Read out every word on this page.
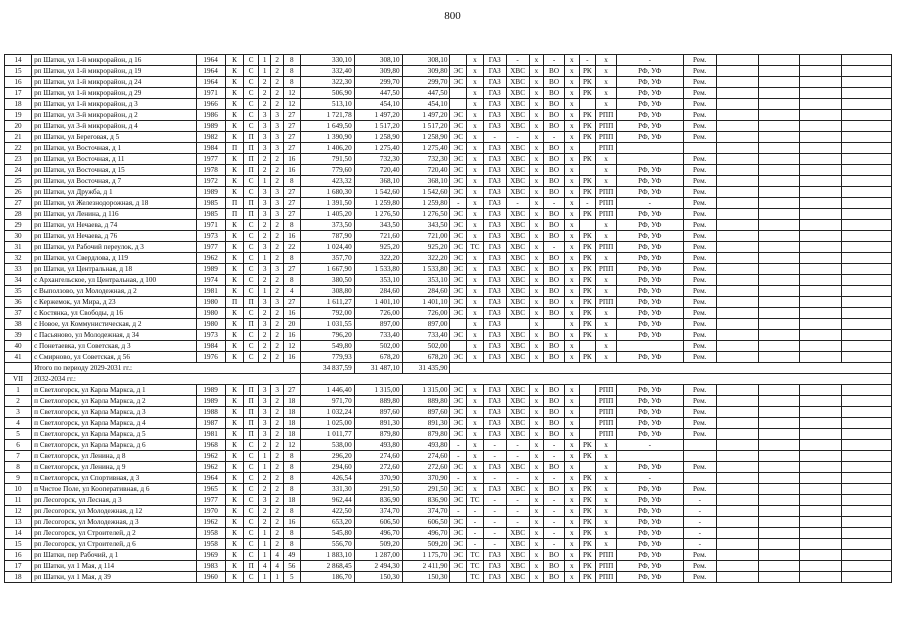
800
14	рп Шатки, ул 1-й микрорайон, д 16	1964	К	С	1	2	8	330,10	308,10	308,10		х	ГАЗ	-	х	-	х	-	х	-	Рем.				
15	рп Шатки, ул 1-й микрорайон, д 19	1964	К	С	1	2	8	332,40	309,80	309,80	ЭС	х	ГАЗ	ХВС	х	ВО	х	РК	х	РФ, УФ	Рем.				
16	рп Шатки, ул 1-й микрорайон, д 24	1964	К	С	2	2	8	322,30	299,70	299,70	ЭС	х	ГАЗ	ХВС	х	ВО	х	РК	х	РФ, УФ	Рем.				
17	рп Шатки, ул 1-й микрорайон, д 29	1971	К	С	2	2	12	506,90	447,50	447,50		х	ГАЗ	ХВС	х	ВО	х	РК	х	РФ, УФ	Рем.				
18	рп Шатки, ул 1-й микрорайон, д 3	1966	К	С	2	2	12	513,10	454,10	454,10		х	ГАЗ	ХВС	х	ВО	х		х	РФ, УФ	Рем.				
19	рп Шатки, ул 3-й микрорайон, д 2	1986	К	С	3	3	27	1 721,78	1 497,20	1 497,20	ЭС	х	ГАЗ	ХВС	х	ВО	х	РК	РПП	РФ, УФ	Рем.				
20	рп Шатки, ул 3-й микрорайон, д 4	1989	К	С	3	3	27	1 649,50	1 517,20	1 517,20	ЭС	х	ГАЗ	ХВС	х	ВО	х	РК	РПП	РФ, УФ	Рем.				
21	рп Шатки, ул Береговая, д 5	1982	К	П	3	3	27	1 390,90	1 258,90	1 258,90	ЭС	х	-	-	х	-	х	РК	РПП	РФ, УФ	Рем.				
22	рп Шатки, ул Восточная, д 1	1984	П	П	3	3	27	1 406,20	1 275,40	1 275,40	ЭС	х	ГАЗ	ХВС	х	ВО	х		РПП						
23	рп Шатки, ул Восточная, д 11	1977	К	П	2	2	16	791,50	732,30	732,30	ЭС	х	ГАЗ	ХВС	х	ВО	х	РК	х		Рем.				
24	рп Шатки, ул Восточная, д 15	1978	К	П	2	2	16	779,60	720,40	720,40	ЭС	х	ГАЗ	ХВС	х	ВО	х		х	РФ, УФ	Рем.				
25	рп Шатки, ул Восточная, д 7	1972	К	С	1	2	8	423,32	368,10	368,10	ЭС	х	ГАЗ	ХВС	х	ВО	х	РК	х	РФ, УФ	Рем.				
26	рп Шатки, ул Дружба, д 1	1989	К	С	3	3	27	1 680,30	1 542,60	1 542,60	ЭС	х	ГАЗ	ХВС	х	ВО	х	РК	РПП	РФ, УФ	Рем.				
27	рп Шатки, ул Железнодорожная, д 18	1985	П	П	3	3	27	1 391,50	1 259,80	1 259,80	-	х	ГАЗ	-	х	-	х	-	РПП	-	Рем.				
28	рп Шатки, ул Ленина, д 116	1985	П	П	3	3	27	1 405,20	1 276,50	1 276,50	ЭС	х	ГАЗ	ХВС	х	ВО	х	РК	РПП	РФ, УФ	Рем.				
29	рп Шатки, ул Нечаева, д 74	1971	К	С	2	2	8	373,50	343,50	343,50	ЭС	х	ГАЗ	ХВС	х	ВО	х		х	РФ, УФ	Рем.				
30	рп Шатки, ул Нечаева, д 76	1973	К	С	2	2	16	787,90	721,60	721,00	ЭС	х	ГАЗ	ХВС	х	ВО	х	РК	х	РФ, УФ	Рем.				
31	рп Шатки, ул Рабочий переулок, д 3	1977	К	С	3	2	22	1 024,40	925,20	925,20	ЭС	ТС	ГАЗ	ХВС	х	-	х	РК	РПП	РФ, УФ	Рем.				
32	рп Шатки, ул Свердлова, д 119	1962	К	С	1	2	8	357,70	322,20	322,20	ЭС	х	ГАЗ	ХВС	х	ВО	х	РК	х	РФ, УФ	Рем.				
33	рп Шатки, ул Центральная, д 18	1989	К	С	3	3	27	1 667,90	1 533,80	1 533,80	ЭС	х	ГАЗ	ХВС	х	ВО	х	РК	РПП	РФ, УФ	Рем.				
34	с Архангельское, ул Центральная, д 100	1974	К	С	2	2	8	380,50	353,10	353,10	ЭС	х	ГАЗ	ХВС	х	ВО	х	РК	х	РФ, УФ	Рем.				
35	с Выползово, ул Молодежная, д 2	1981	К	С	1	2	4	308,80	284,60	284,60	ЭС	х	ГАЗ	ХВС	х	ВО	х	РК	х	РФ, УФ	Рем.				
36	с Кержемок, ул Мира, д 23	1980	П	П	3	3	27	1 611,27	1 401,10	1 401,10	ЭС	х	ГАЗ	ХВС	х	ВО	х	РК	РПП	РФ, УФ	Рем.				
37	с Костянка, ул Свободы, д 16	1980	К	С	2	2	16	792,00	726,00	726,00	ЭС	х	ГАЗ	ХВС	х	ВО	х	РК	х	РФ, УФ	Рем.				
38	с Новое, ул Коммунистическая, д 2	1980	К	П	3	2	20	1 031,55	897,00	897,00		х	ГАЗ		х		х	РК	х	РФ, УФ	Рем.				
39	с Пасьяново, ул Молодежная, д 34	1973	К	С	2	2	16	796,20	733,40	733,40	ЭС	х	ГАЗ	ХВС	х	ВО	х	РК	х	РФ, УФ	Рем.				
40	с Понетаевка, ул Советская, д 3	1984	К	С	2	2	12	549,80	502,00	502,00		х	ГАЗ	ХВС	х	ВО	х		х		Рем.				
41	с Смирново, ул Советская, д 56	1976	К	С	2	2	16	779,93	678,20	678,20	ЭС	х	ГАЗ	ХВС	х	ВО	х	РК	х	РФ, УФ	Рем.				
	Итого по периоду 2029-2031 гг.:							34 837,59	31 487,10	31 435,90															
VII	2032-2034 гг.:																								
1	п Светлогорск, ул Карла Маркса, д 1	1989	К	П	3	3	27	1 446,40	1 315,00	1 315,00	ЭС	х	ГАЗ	ХВС	х	ВО	х		РПП	РФ, УФ	Рем.				
2	п Светлогорск, ул Карла Маркса, д 2	1989	К	П	3	2	18	971,70	889,80	889,80	ЭС	х	ГАЗ	ХВС	х	ВО	х		РПП	РФ, УФ	Рем.				
3	п Светлогорск, ул Карла Маркса, д 3	1988	К	П	3	2	18	1 032,24	897,60	897,60	ЭС	х	ГАЗ	ХВС	х	ВО	х		РПП	РФ, УФ	Рем.				
4	п Светлогорск, ул Карла Маркса, д 4	1987	К	П	3	2	18	1 025,00	891,30	891,30	ЭС	х	ГАЗ	ХВС	х	ВО	х		РПП	РФ, УФ	Рем.				
5	п Светлогорск, ул Карла Маркса, д 5	1981	К	П	3	2	18	1 011,77	879,80	879,80	ЭС	х	ГАЗ	ХВС	х	ВО	х		РПП	РФ, УФ	Рем.				
6	п Светлогорск, ул Карла Маркса, д 6	1968	К	С	2	2	12	538,00	493,80	493,80	-	х	-	-	х	-	х	РК	х	-					
7	п Светлогорск, ул Ленина, д 8	1962	К	С	1	2	8	296,20	274,60	274,60	-	х	-	-	х	-	х	РК	х						
8	п Светлогорск, ул Ленина, д 9	1962	К	С	1	2	8	294,60	272,60	272,60	ЭС	х	ГАЗ	ХВС	х	ВО	х		х	РФ, УФ	Рем.				
9	п Светлогорск, ул Спортивная, д 3	1964	К	С	2	2	8	426,54	370,90	370,90	-	х	-	-	х	-	х	РК	х	-					
10	п Чистое Поле, ул Кооперативная, д 6	1965	К	С	2	2	8	331,30	291,50	291,50	ЭС	х	ГАЗ	ХВС	х	ВО	х	РК	х	РФ, УФ	Рем.				
11	рп Лесогорск, ул Лесная, д 3	1977	К	С	3	2	18	962,44	836,90	836,90	ЭС	ТС	-	-	х	-	х	РК	х	РФ, УФ	-				
12	рп Лесогорск, ул Молодежная, д 12	1970	К	С	2	2	8	422,50	374,70	374,70	-	-	-	-	х	-	х	РК	х	РФ, УФ	-				
13	рп Лесогорск, ул Молодежная, д 3	1962	К	С	2	2	16	653,20	606,50	606,50	ЭС	-	-	-	х	-	х	РК	х	РФ, УФ	-				
14	рп Лесогорск, ул Строителей, д 2	1958	К	С	1	2	8	545,80	496,70	496,70	ЭС	-	-	ХВС	х	-	х	РК	х	РФ, УФ	-				
15	рп Лесогорск, ул Строителей, д 6	1958	К	С	1	2	8	556,70	509,20	509,20	ЭС	-	-	ХВС	х	-	х	РК	х	РФ, УФ	-				
16	рп Шатки, пер Рабочий, д 1	1969	К	С	1	4	49	1 883,10	1 287,00	1 175,70	ЭС	ТС	ГАЗ	ХВС	х	ВО	х	РК	РПП	РФ, УФ	Рем.				
17	рп Шатки, ул 1 Мая, д 114	1983	К	П	4	4	56	2 868,45	2 494,30	2 411,90	ЭС	ТС	ГАЗ	ХВС	х	ВО	х	РК	РПП	РФ, УФ	Рем.				
18	рп Шатки, ул 1 Мая, д 39	1960	К	С	1	1	5	186,70	150,30	150,30		ТС	ГАЗ	ХВС	х	ВО	х	РК	РПП	РФ, УФ	Рем.				
